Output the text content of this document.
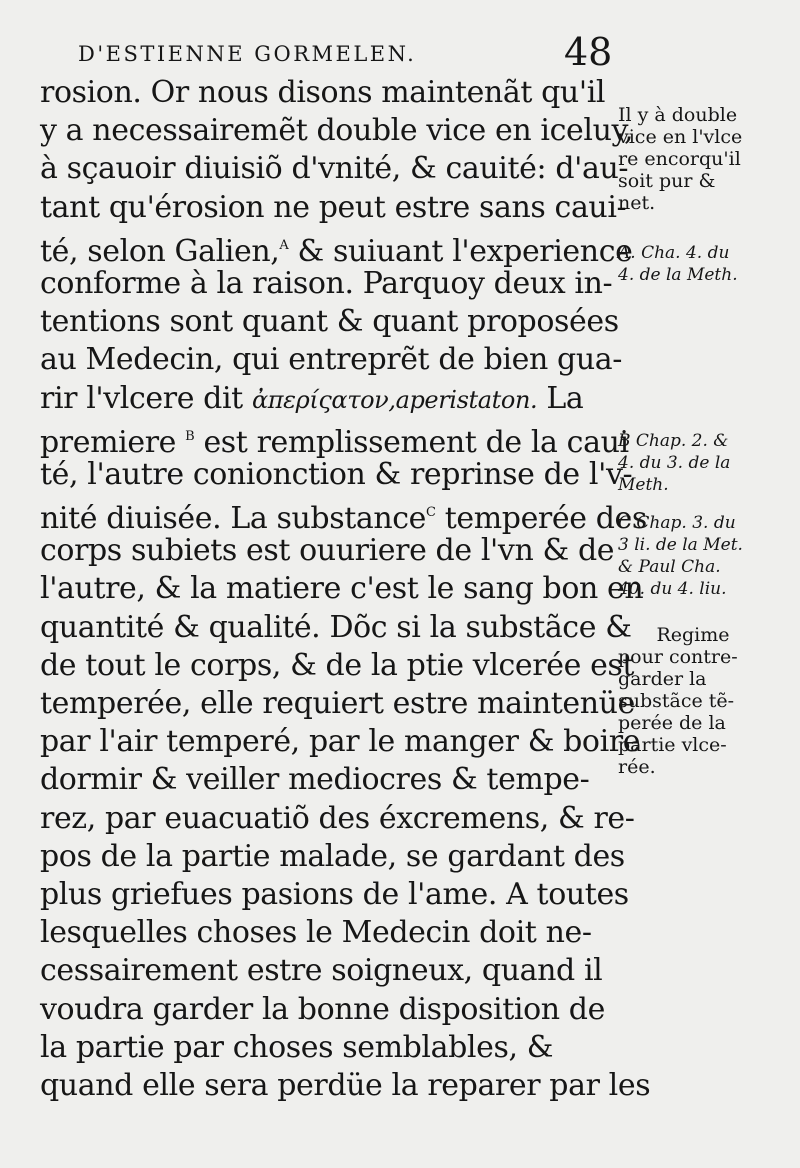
D'ESTIENNE GORMELEN.	48
rosion. Or nous disons maintenãt qu'il
y a necessairemẽt double vice en iceluy,
à sçauoir diuisiõ d'vnité, & cauité: d'au-
tant qu'érosion ne peut estre sans caui-
té, selon Galien,$^A$ & suiuant l'experience
conforme à la raison. Parquoy deux in-
tentions sont quant & quant proposées
au Medecin, qui entreprẽt de bien gua-
rir l'vlcere dit ἀπερίςατον,aperistaton. La
premiere $^B$ est remplissement de la caui
té, l'autre conionction & reprinse de l'v-
nité diuisée. La substance$^C$ temperée des
corps subiets est ouuriere de l'vn & de
l'autre, & la matiere c'est le sang bon en
quantité & qualité. Dõc si la substãce &
de tout le corps, & de la ptie vlcerée est
temperée, elle requiert estre maintenüe
par l'air temperé, par le manger & boire
dormir & veiller mediocres & tempe-
rez, par euacuatiõ des éxcremens, & re-
pos de la partie malade, se gardant des
plus griefues pasions de l'ame. A toutes
lesquelles choses le Medecin doit ne-
cessairement estre soigneux, quand il
voudra garder la bonne disposition de
la partie par choses semblables, &
quand elle sera perdüe la reparer par les
Il y à double
vice en l'vlce
re encorqu'il
soit pur &
net.
A. Cha. 4. du
4. de la Meth.
B Chap. 2. &
4. du 3. de la
Meth.
C Chap. 3. du
3 li. de la Met.
& Paul Cha.
40. du 4. liu.
Regime
pour contre-
garder la
substãce tẽ-
perée de la
partie vlce-
rée.
